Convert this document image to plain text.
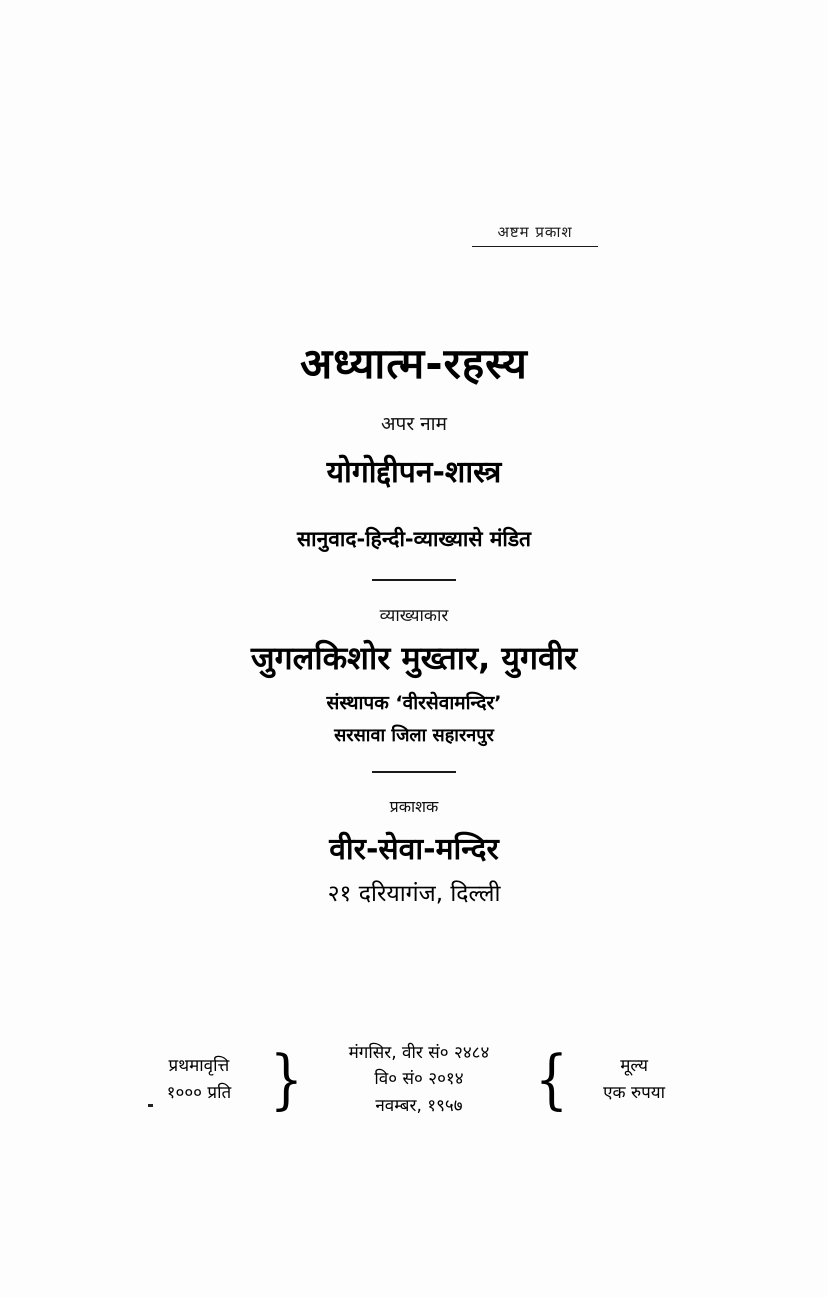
अष्टम प्रकाश
अध्यात्म-रहस्य
अपर नाम
योगोद्दीपन-शास्त्र
सानुवाद-हिन्दी-व्याख्यासे मंडित
व्याख्याकार
जुगलकिशोर मुख्तार, युगवीर
संस्थापक ‘वीरसेवामन्दिर’
सरसावा जिला सहारनपुर
प्रकाशक
वीर-सेवा-मन्दिर
२१ दरियागंज, दिल्ली
प्रथमावृत्ति
१००० प्रति }	मंगसिर, वीर सं० २४८४
वि० सं० २०१४
नवम्बर, १९५७	{	मूल्य
एक रुपया
